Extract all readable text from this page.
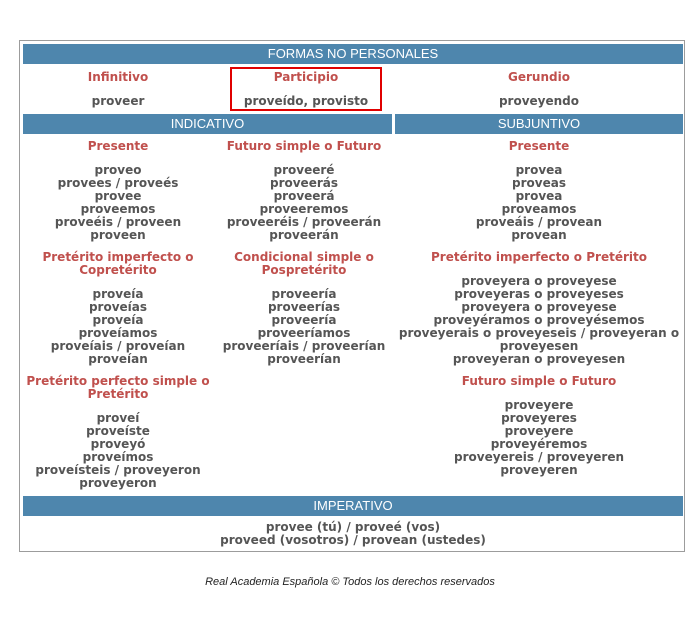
FORMAS NO PERSONALES
Infinitivo
proveer
Participio
proveído, provisto
Gerundio
proveyendo
INDICATIVO	SUBJUNTIVO
Presente
proveo
provees / proveés
provee
proveemos
proveéis / proveen
proveen
Futuro simple o Futuro
proveeré
proveerás
proveerá
proveeremos
proveeréis / proveerán
proveerán
Presente
provea
proveas
provea
proveamos
proveáis / provean
provean
Pretérito imperfecto o
Copretérito
proveía
proveías
proveía
proveíamos
proveíais / proveían
proveían
Condicional simple o
Pospretérito
proveería
proveerías
proveería
proveeríamos
proveeríais / proveerían
proveerían
Pretérito imperfecto o Pretérito
proveyera o proveyese
proveyeras o proveyeses
proveyera o proveyese
proveyéramos o proveyésemos
proveyerais o proveyeseis / proveyeran o
proveyesen
proveyeran o proveyesen
Pretérito perfecto simple o
Pretérito
proveí
proveíste
proveyó
proveímos
proveísteis / proveyeron
proveyeron
Futuro simple o Futuro
proveyere
proveyeres
proveyere
proveyéremos
proveyereis / proveyeren
proveyeren
IMPERATIVO
provee (tú) / proveé (vos)
proveed (vosotros) / provean (ustedes)
Real Academia Española © Todos los derechos reservados
